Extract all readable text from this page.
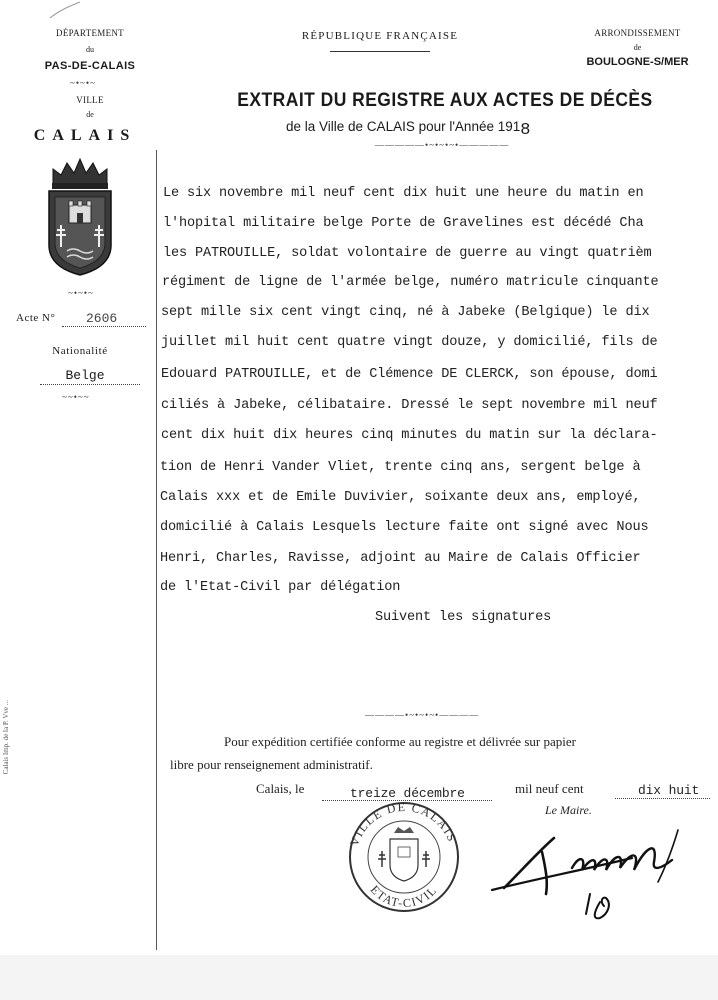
DÉPARTEMENT
du
PAS-DE-CALAIS
~•~•~
VILLE
de
CALAIS
~•~•~
Acte N° 2606
Nationalité
Belge
~~•~~
Calais Imp. de la P. Vve ...
RÉPUBLIQUE FRANÇAISE	ARRONDISSEMENT
de
BOULOGNE-S/MER
EXTRAIT DU REGISTRE AUX ACTES DE DÉCÈS
de la Ville de CALAIS pour l'Année 1918
—————•~•~•~•—————
Le six novembre mil neuf cent dix huit une heure du matin en
l'hopital militaire belge Porte de Gravelines est décédé Cha
les PATROUILLE, soldat volontaire de guerre au vingt quatrièm
régiment de ligne de l'armée belge, numéro matricule cinquante
sept mille six cent vingt cinq, né à Jabeke (Belgique) le dix
juillet mil huit cent quatre vingt douze, y domicilié, fils de
Edouard PATROUILLE, et de Clémence DE CLERCK, son épouse, domi
ciliés à Jabeke, célibataire. Dressé le sept novembre mil neuf
cent dix huit dix heures cinq minutes du matin sur la déclara-
tion de Henri Vander Vliet, trente cinq ans, sergent belge à
Calais xxx et de Emile Duvivier, soixante deux ans, employé,
domicilié à Calais Lesquels lecture faite ont signé avec Nous
Henri, Charles, Ravisse, adjoint au Maire de Calais Officier
de l'Etat-Civil par délégation
Suivent les signatures
————•~•~•~•————
Pour expédition certifiée conforme au registre et délivrée sur papier
libre pour renseignement administratif.
Calais, le	treize décembre	mil neuf cent	dix huit
Le Maire.
VILLE DE CALAIS
ETAT-CIVIL
